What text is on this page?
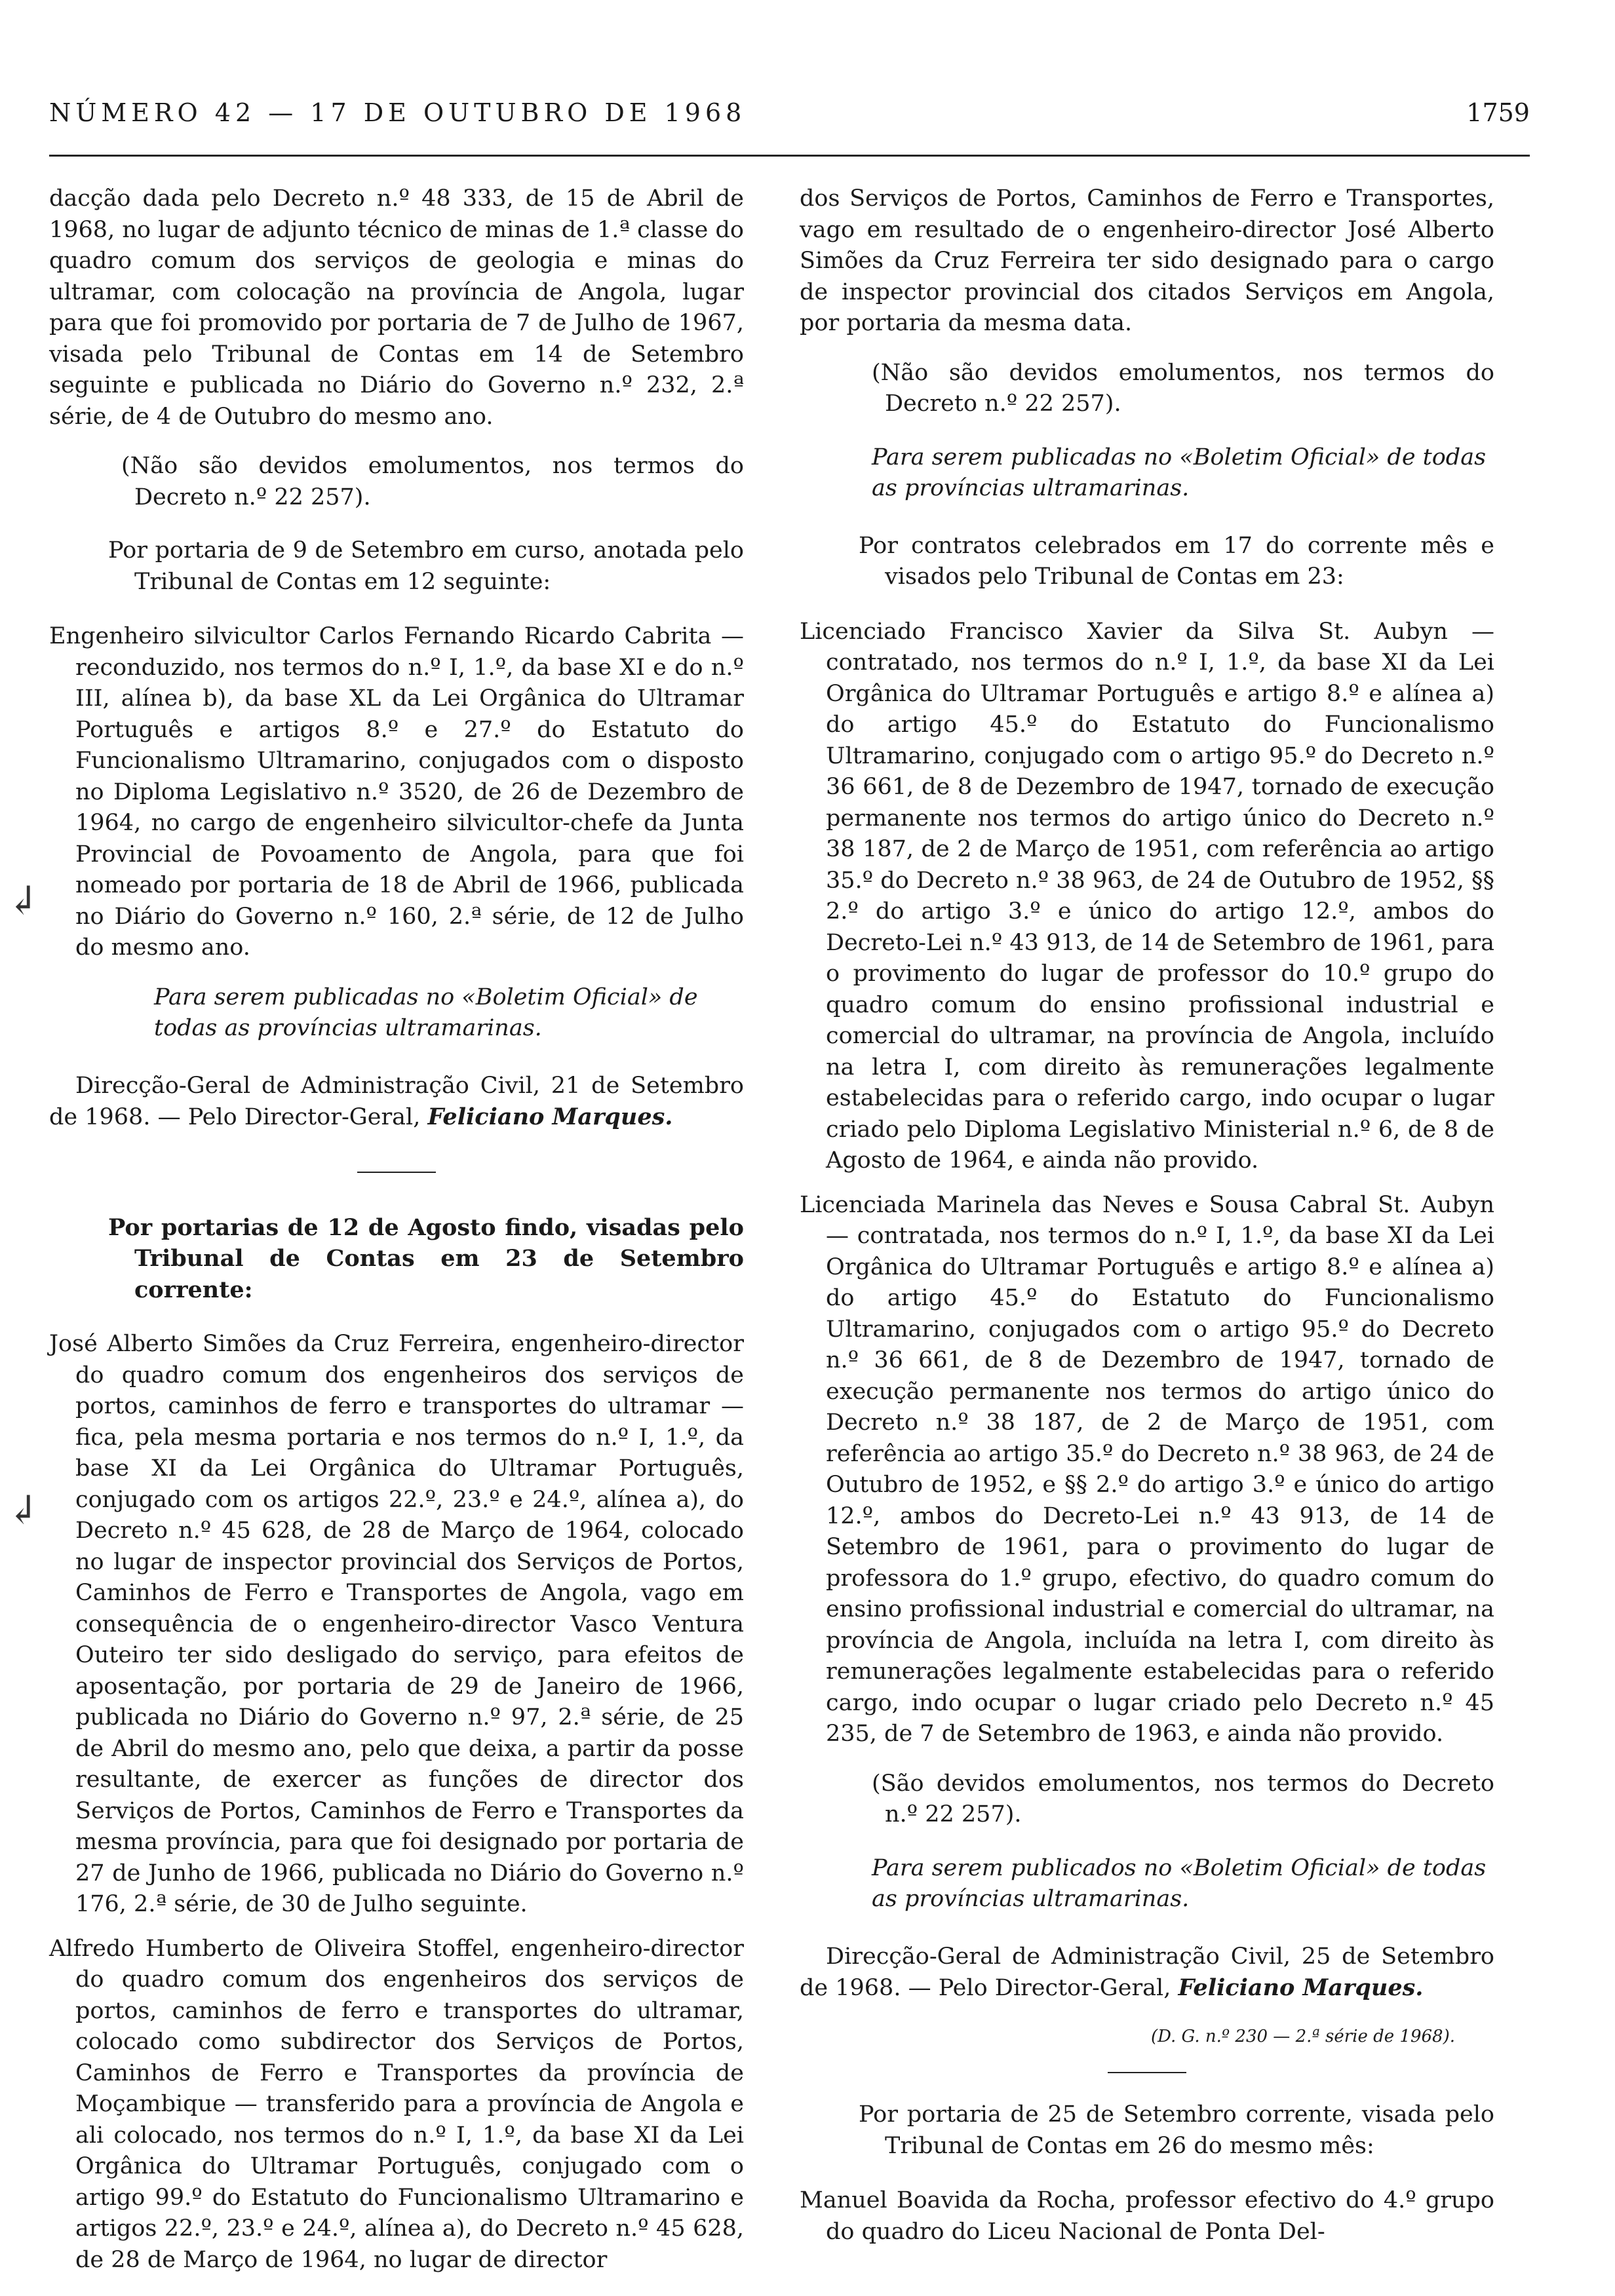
NÚMERO 42 — 17 DE OUTUBRO DE 1968	1759
↲
↲

dacção dada pelo Decreto n.º 48 333, de 15 de Abril de 1968, no lugar de adjunto técnico de minas de 1.ª classe do quadro comum dos serviços de geologia e minas do ultramar, com colocação na província de Angola, lugar para que foi promovido por portaria de 7 de Julho de 1967, visada pelo Tribunal de Contas em 14 de Setembro seguinte e publicada no Diário do Governo n.º 232, 2.ª série, de 4 de Outubro do mesmo ano.

(Não são devidos emolumentos, nos termos do Decreto n.º 22 257).

Por portaria de 9 de Setembro em curso, anotada pelo Tribunal de Contas em 12 seguinte:

Engenheiro silvicultor Carlos Fernando Ricardo Cabrita — reconduzido, nos termos do n.º I, 1.º, da base XI e do n.º III, alínea b), da base XL da Lei Orgânica do Ultramar Português e artigos 8.º e 27.º do Estatuto do Funcionalismo Ultramarino, conjugados com o disposto no Diploma Legislativo n.º 3520, de 26 de Dezembro de 1964, no cargo de engenheiro silvicultor-chefe da Junta Provincial de Povoamento de Angola, para que foi nomeado por portaria de 18 de Abril de 1966, publicada no Diário do Governo n.º 160, 2.ª série, de 12 de Julho do mesmo ano.

Para serem publicadas no «Boletim Oficial» de todas as províncias ultramarinas.

Direcção-Geral de Administração Civil, 21 de Setembro de 1968. — Pelo Director-Geral, Feliciano Marques.

Por portarias de 12 de Agosto findo, visadas pelo Tribunal de Contas em 23 de Setembro corrente:

José Alberto Simões da Cruz Ferreira, engenheiro-director do quadro comum dos engenheiros dos serviços de portos, caminhos de ferro e transportes do ultramar — fica, pela mesma portaria e nos termos do n.º I, 1.º, da base XI da Lei Orgânica do Ultramar Português, conjugado com os artigos 22.º, 23.º e 24.º, alínea a), do Decreto n.º 45 628, de 28 de Março de 1964, colocado no lugar de inspector provincial dos Serviços de Portos, Caminhos de Ferro e Transportes de Angola, vago em consequência de o engenheiro-director Vasco Ventura Outeiro ter sido desligado do serviço, para efeitos de aposentação, por portaria de 29 de Janeiro de 1966, publicada no Diário do Governo n.º 97, 2.ª série, de 25 de Abril do mesmo ano, pelo que deixa, a partir da posse resultante, de exercer as funções de director dos Serviços de Portos, Caminhos de Ferro e Transportes da mesma província, para que foi designado por portaria de 27 de Junho de 1966, publicada no Diário do Governo n.º 176, 2.ª série, de 30 de Julho seguinte.

Alfredo Humberto de Oliveira Stoffel, engenheiro-director do quadro comum dos engenheiros dos serviços de portos, caminhos de ferro e transportes do ultramar, colocado como subdirector dos Serviços de Portos, Caminhos de Ferro e Transportes da província de Moçambique — transferido para a província de Angola e ali colocado, nos termos do n.º I, 1.º, da base XI da Lei Orgânica do Ultramar Português, conjugado com o artigo 99.º do Estatuto do Funcionalismo Ultramarino e artigos 22.º, 23.º e 24.º, alínea a), do Decreto n.º 45 628, de 28 de Março de 1964, no lugar de director

dos Serviços de Portos, Caminhos de Ferro e Transportes, vago em resultado de o engenheiro-director José Alberto Simões da Cruz Ferreira ter sido designado para o cargo de inspector provincial dos citados Serviços em Angola, por portaria da mesma data.

(Não são devidos emolumentos, nos termos do Decreto n.º 22 257).

Para serem publicadas no «Boletim Oficial» de todas as províncias ultramarinas.

Por contratos celebrados em 17 do corrente mês e visados pelo Tribunal de Contas em 23:

Licenciado Francisco Xavier da Silva St. Aubyn — contratado, nos termos do n.º I, 1.º, da base XI da Lei Orgânica do Ultramar Português e artigo 8.º e alínea a) do artigo 45.º do Estatuto do Funcionalismo Ultramarino, conjugado com o artigo 95.º do Decreto n.º 36 661, de 8 de Dezembro de 1947, tornado de execução permanente nos termos do artigo único do Decreto n.º 38 187, de 2 de Março de 1951, com referência ao artigo 35.º do Decreto n.º 38 963, de 24 de Outubro de 1952, §§ 2.º do artigo 3.º e único do artigo 12.º, ambos do Decreto-Lei n.º 43 913, de 14 de Setembro de 1961, para o provimento do lugar de professor do 10.º grupo do quadro comum do ensino profissional industrial e comercial do ultramar, na província de Angola, incluído na letra I, com direito às remunerações legalmente estabelecidas para o referido cargo, indo ocupar o lugar criado pelo Diploma Legislativo Ministerial n.º 6, de 8 de Agosto de 1964, e ainda não provido.

Licenciada Marinela das Neves e Sousa Cabral St. Aubyn — contratada, nos termos do n.º I, 1.º, da base XI da Lei Orgânica do Ultramar Português e artigo 8.º e alínea a) do artigo 45.º do Estatuto do Funcionalismo Ultramarino, conjugados com o artigo 95.º do Decreto n.º 36 661, de 8 de Dezembro de 1947, tornado de execução permanente nos termos do artigo único do Decreto n.º 38 187, de 2 de Março de 1951, com referência ao artigo 35.º do Decreto n.º 38 963, de 24 de Outubro de 1952, e §§ 2.º do artigo 3.º e único do artigo 12.º, ambos do Decreto-Lei n.º 43 913, de 14 de Setembro de 1961, para o provimento do lugar de professora do 1.º grupo, efectivo, do quadro comum do ensino profissional industrial e comercial do ultramar, na província de Angola, incluída na letra I, com direito às remunerações legalmente estabelecidas para o referido cargo, indo ocupar o lugar criado pelo Decreto n.º 45 235, de 7 de Setembro de 1963, e ainda não provido.

(São devidos emolumentos, nos termos do Decreto n.º 22 257).

Para serem publicados no «Boletim Oficial» de todas as províncias ultramarinas.

Direcção-Geral de Administração Civil, 25 de Setembro de 1968. — Pelo Director-Geral, Feliciano Marques.

(D. G. n.º 230 — 2.ª série de 1968).

Por portaria de 25 de Setembro corrente, visada pelo Tribunal de Contas em 26 do mesmo mês:

Manuel Boavida da Rocha, professor efectivo do 4.º grupo do quadro do Liceu Nacional de Ponta Del-
